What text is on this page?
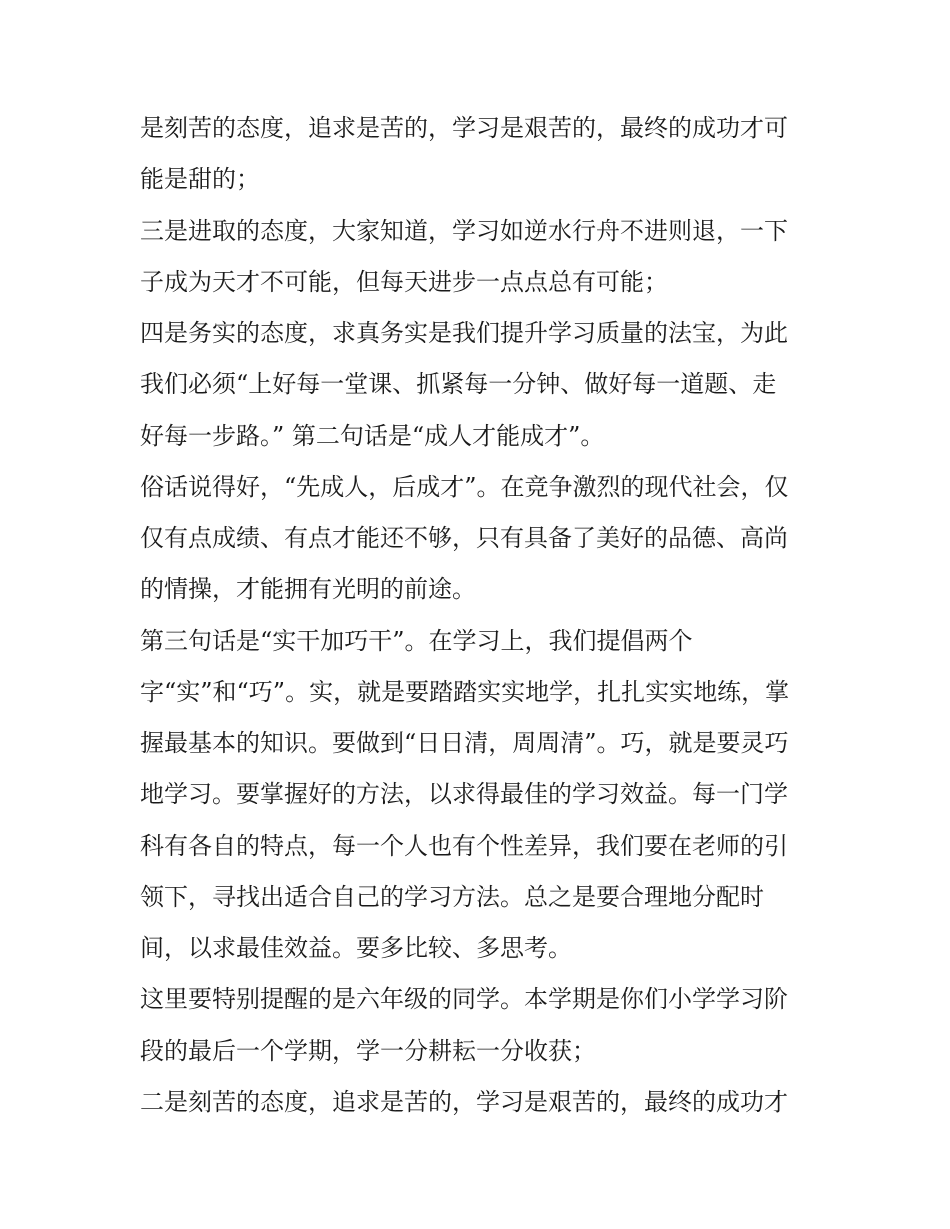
是刻苦的态度，追求是苦的，学习是艰苦的，最终的成功才可
能是甜的；
三是进取的态度，大家知道，学习如逆水行舟不进则退，一下
子成为天才不可能，但每天进步一点点总有可能；
四是务实的态度，求真务实是我们提升学习质量的法宝，为此
我们必须“上好每一堂课、抓紧每一分钟、做好每一道题、走
好每一步路。” 第二句话是“成人才能成才”。
俗话说得好，“先成人，后成才”。在竞争激烈的现代社会，仅
仅有点成绩、有点才能还不够，只有具备了美好的品德、高尚
的情操，才能拥有光明的前途。
第三句话是“实干加巧干”。在学习上，我们提倡两个
字“实”和“巧”。实，就是要踏踏实实地学，扎扎实实地练，掌
握最基本的知识。要做到“日日清，周周清”。巧，就是要灵巧
地学习。要掌握好的方法，以求得最佳的学习效益。每一门学
科有各自的特点，每一个人也有个性差异，我们要在老师的引
领下，寻找出适合自己的学习方法。总之是要合理地分配时
间，以求最佳效益。要多比较、多思考。
这里要特别提醒的是六年级的同学。本学期是你们小学学习阶
段的最后一个学期，学一分耕耘一分收获；
二是刻苦的态度，追求是苦的，学习是艰苦的，最终的成功才
